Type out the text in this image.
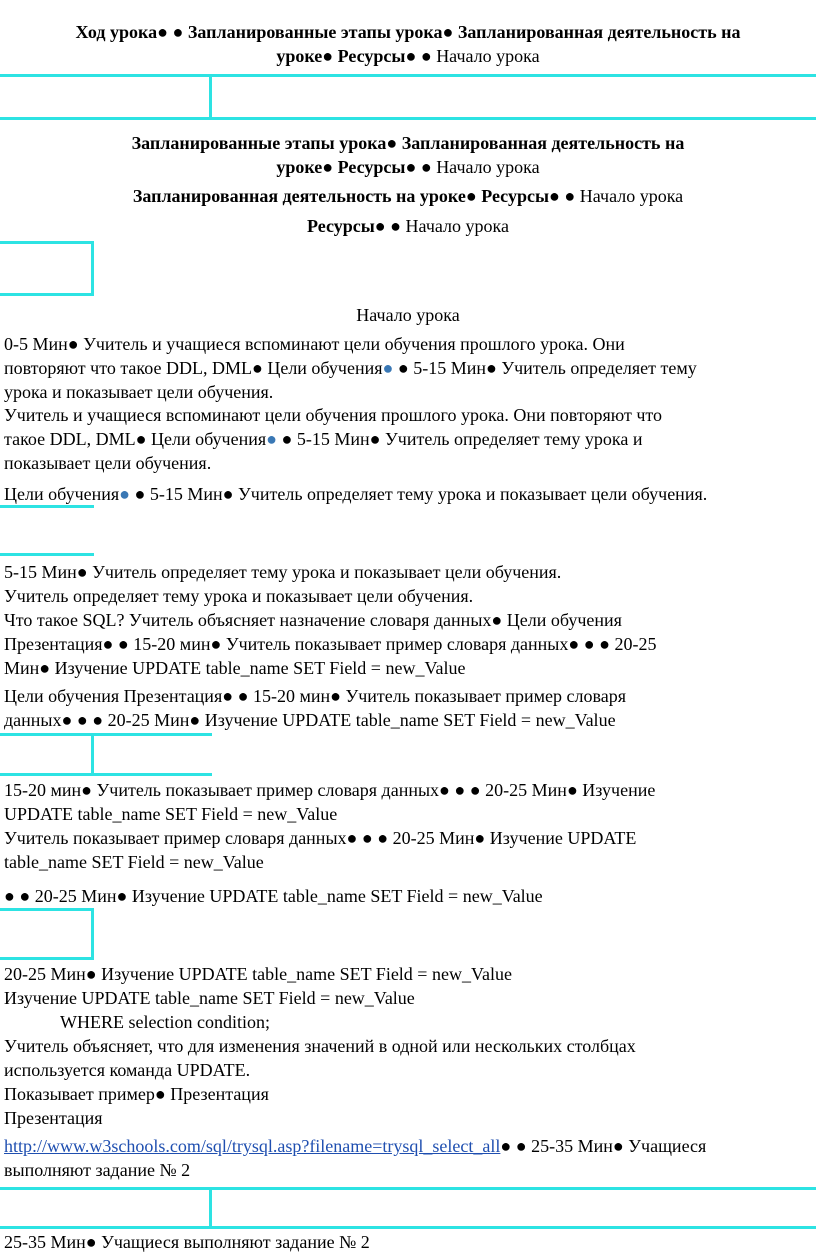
Ход урока● ● Запланированные этапы урока● Запланированная деятельность на
уроке● Ресурсы● ● Начало урока
Запланированные этапы урока● Запланированная деятельность на
уроке● Ресурсы● ● Начало урока
Запланированная деятельность на уроке● Ресурсы● ● Начало урока
Ресурсы● ● Начало урока
Начало урока
0-5 Мин● Учитель и учащиеся вспоминают цели обучения прошлого урока. Они
повторяют что такое DDL, DML● Цели обучения● ● 5-15 Мин● Учитель определяет тему
урока и показывает цели обучения.
Учитель и учащиеся вспоминают цели обучения прошлого урока. Они повторяют что
такое DDL, DML● Цели обучения● ● 5-15 Мин● Учитель определяет тему урока и
показывает цели обучения.
Цели обучения● ● 5-15 Мин● Учитель определяет тему урока и показывает цели обучения.
5-15 Мин● Учитель определяет тему урока и показывает цели обучения.
Учитель определяет тему урока и показывает цели обучения.
Что такое SQL? Учитель объясняет назначение словаря данных● Цели обучения
Презентация● ● 15-20 мин● Учитель показывает пример словаря данных● ● ● 20-25
Мин● Изучение UPDATE table_name SET Field = new_Value
Цели обучения Презентация● ● 15-20 мин● Учитель показывает пример словаря
данных● ● ● 20-25 Мин● Изучение UPDATE table_name SET Field = new_Value
15-20 мин● Учитель показывает пример словаря данных● ● ● 20-25 Мин● Изучение
UPDATE table_name SET Field = new_Value
Учитель показывает пример словаря данных● ● ● 20-25 Мин● Изучение UPDATE
table_name SET Field = new_Value
● ● 20-25 Мин● Изучение UPDATE table_name SET Field = new_Value
20-25 Мин● Изучение UPDATE table_name SET Field = new_Value
Изучение UPDATE table_name SET Field = new_Value
WHERE selection condition;
Учитель объясняет, что для изменения значений в одной или нескольких столбцах
используется команда UPDATE.
Показывает пример● Презентация
Презентация
http://www.w3schools.com/sql/trysql.asp?filename=trysql_select_all● ● 25-35 Мин● Учащиеся
выполняют задание № 2
25-35 Мин● Учащиеся выполняют задание № 2
